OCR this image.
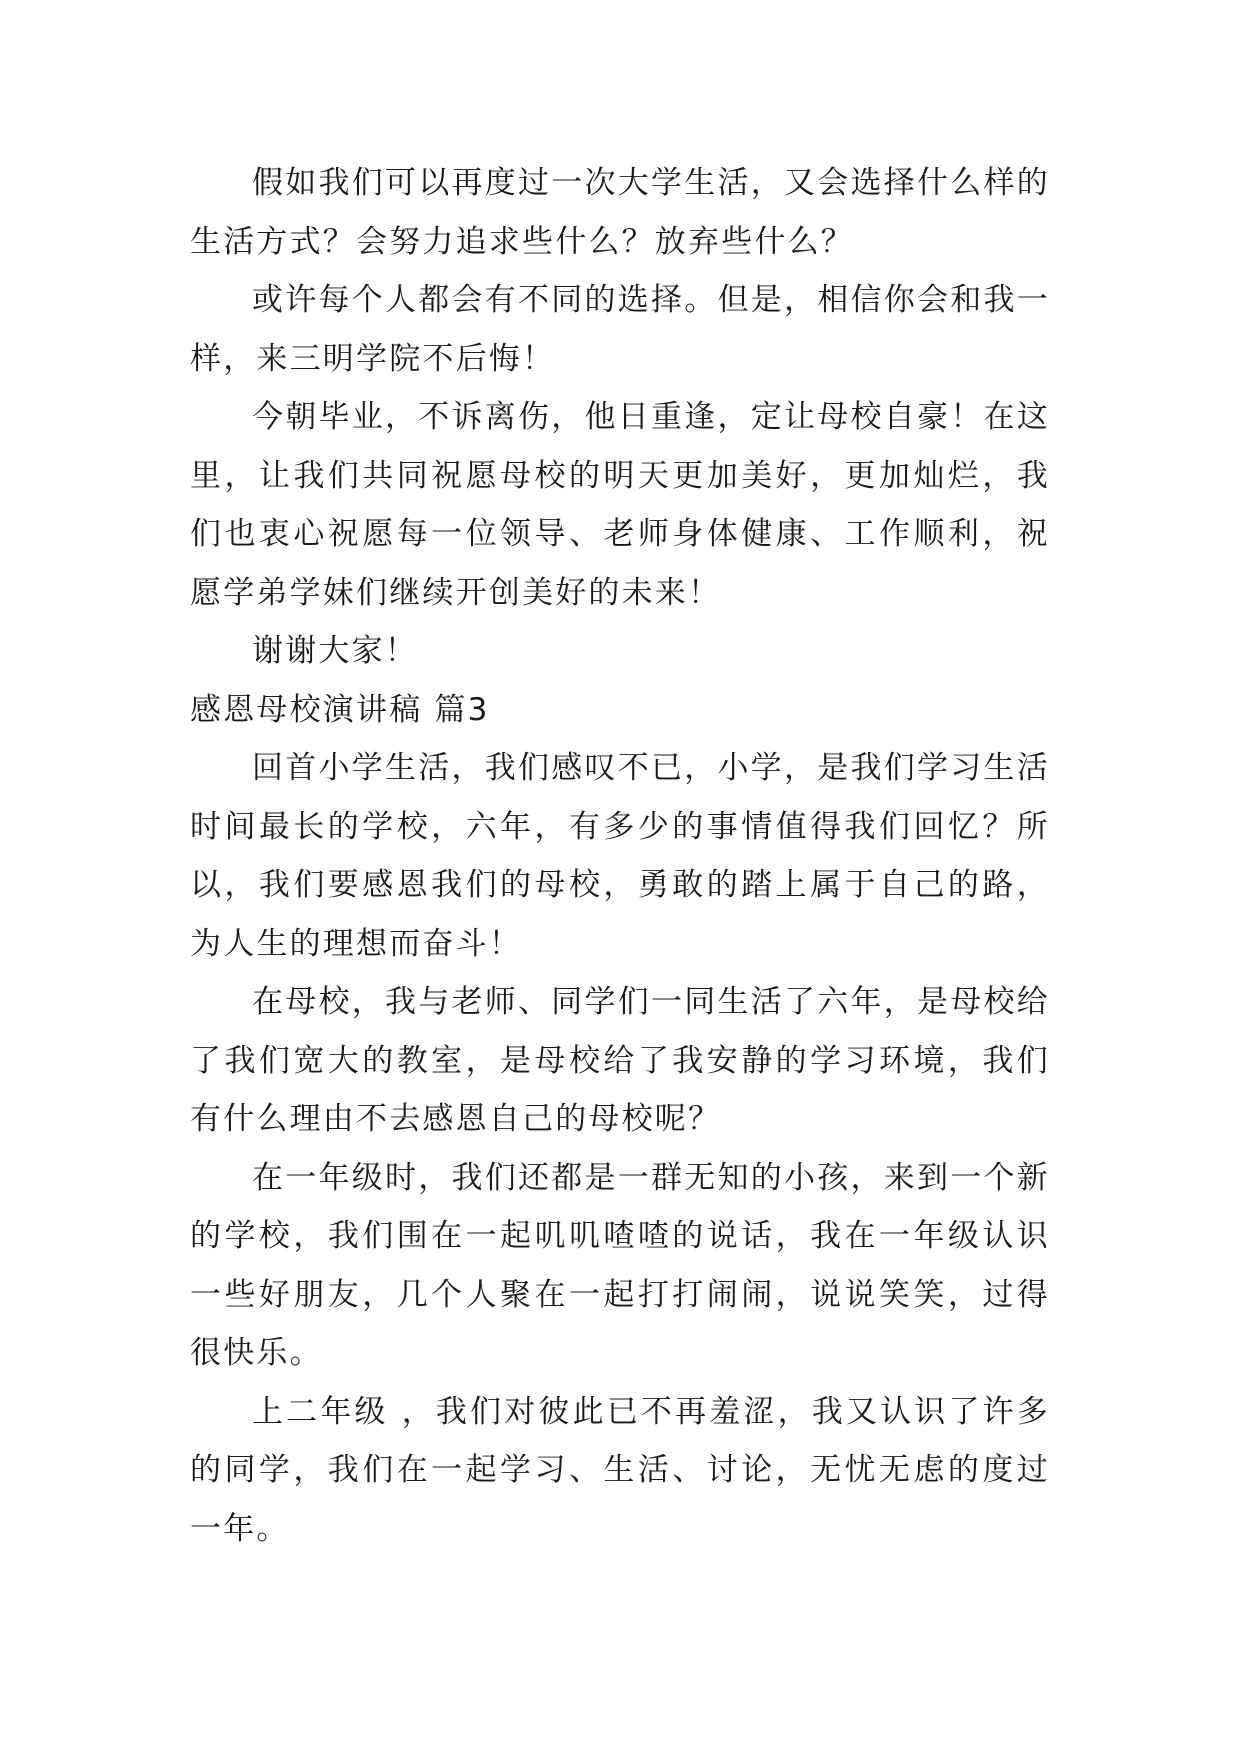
假如我们可以再度过一次大学生活，又会选择什么样的生活方式？会努力追求些什么？放弃些什么？

或许每个人都会有不同的选择。但是，相信你会和我一样，来三明学院不后悔！

今朝毕业，不诉离伤，他日重逢，定让母校自豪！在这里，让我们共同祝愿母校的明天更加美好，更加灿烂，我们也衷心祝愿每一位领导、老师身体健康、工作顺利，祝愿学弟学妹们继续开创美好的未来！

谢谢大家！

感恩母校演讲稿 篇3

回首小学生活，我们感叹不已，小学，是我们学习生活时间最长的学校，六年，有多少的事情值得我们回忆？所以，我们要感恩我们的母校，勇敢的踏上属于自己的路，为人生的理想而奋斗！

在母校，我与老师、同学们一同生活了六年，是母校给了我们宽大的教室，是母校给了我安静的学习环境，我们有什么理由不去感恩自己的母校呢？

在一年级时，我们还都是一群无知的小孩，来到一个新的学校，我们围在一起叽叽喳喳的说话，我在一年级认识一些好朋友，几个人聚在一起打打闹闹，说说笑笑，过得很快乐。

上二年级 ，我们对彼此已不再羞涩，我又认识了许多的同学，我们在一起学习、生活、讨论，无忧无虑的度过一年。
